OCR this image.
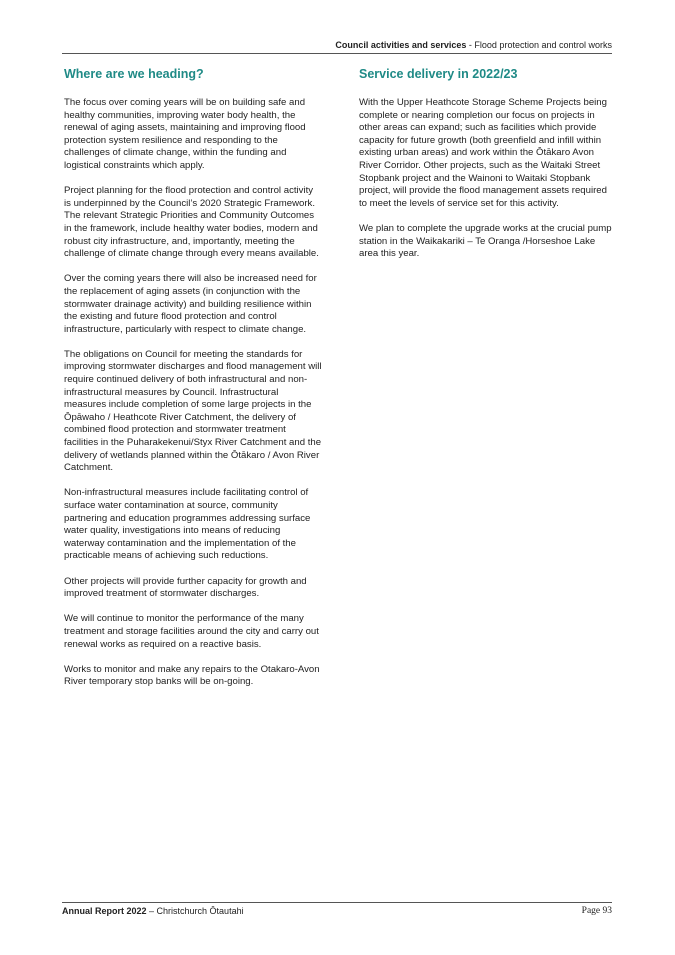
Council activities and services - Flood protection and control works
Where are we heading?

The focus over coming years will be on building safe and healthy communities, improving water body health, the renewal of aging assets, maintaining and improving flood protection system resilience and responding to the challenges of climate change, within the funding and logistical constraints which apply.

Project planning for the flood protection and control activity is underpinned by the Council’s 2020 Strategic Framework. The relevant Strategic Priorities and Community Outcomes in the framework, include healthy water bodies, modern and robust city infrastructure, and, importantly, meeting the challenge of climate change through every means available.

Over the coming years there will also be increased need for the replacement of aging assets (in conjunction with the stormwater drainage activity) and building resilience within the existing and future flood protection and control infrastructure, particularly with respect to climate change.

The obligations on Council for meeting the standards for improving stormwater discharges and flood management will require continued delivery of both infrastructural and non-infrastructural measures by Council. Infrastructural measures include completion of some large projects in the Ōpāwaho / Heathcote River Catchment, the delivery of combined flood protection and stormwater treatment facilities in the Puharakekenui/Styx River Catchment and the delivery of wetlands planned within the Ōtākaro / Avon River Catchment.

Non-infrastructural measures include facilitating control of surface water contamination at source, community partnering and education programmes addressing surface water quality, investigations into means of reducing waterway contamination and the implementation of the practicable means of achieving such reductions.

Other projects will provide further capacity for growth and improved treatment of stormwater discharges.

We will continue to monitor the performance of the many treatment and storage facilities around the city and carry out renewal works as required on a reactive basis.

Works to monitor and make any repairs to the Otakaro-Avon River temporary stop banks will be on-going.

Service delivery in 2022/23

With the Upper Heathcote Storage Scheme Projects being complete or nearing completion our focus on projects in other areas can expand; such as facilities which provide capacity for future growth (both greenfield and infill within existing urban areas) and work within the Ōtākaro Avon River Corridor. Other projects, such as the Waitaki Street Stopbank project and the Wainoni to Waitaki Stopbank project, will provide the flood management assets required to meet the levels of service set for this activity.

We plan to complete the upgrade works at the crucial pump station in the Waikakariki – Te Oranga /Horseshoe Lake area this year.

Annual Report 2022 – Christchurch Ōtautahi	Page 93
